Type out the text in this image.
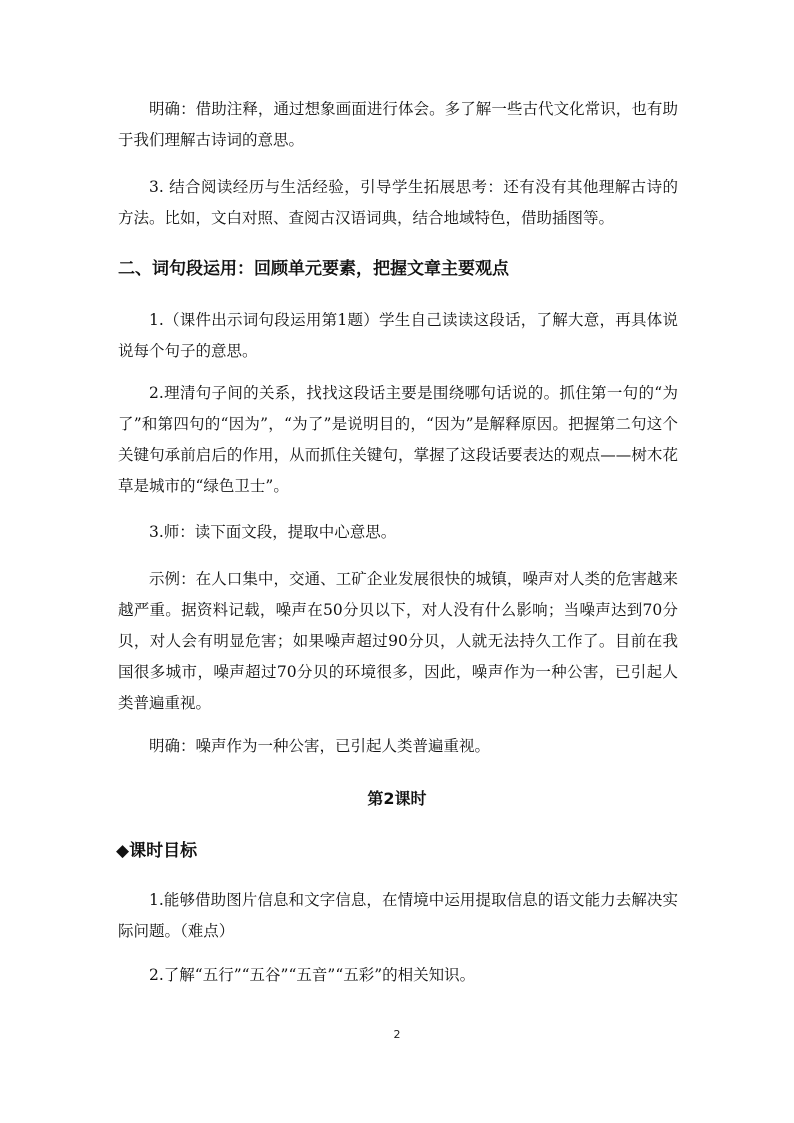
明确：借助注释，通过想象画面进行体会。多了解一些古代文化常识，也有助于我们理解古诗词的意思。

3. 结合阅读经历与生活经验，引导学生拓展思考：还有没有其他理解古诗的方法。比如，文白对照、查阅古汉语词典，结合地域特色，借助插图等。

二、词句段运用：回顾单元要素，把握文章主要观点

1.（课件出示词句段运用第1题）学生自己读读这段话，了解大意，再具体说说每个句子的意思。

2.理清句子间的关系，找找这段话主要是围绕哪句话说的。抓住第一句的“为了”和第四句的“因为”，“为了”是说明目的，“因为”是解释原因。把握第二句这个关键句承前启后的作用，从而抓住关键句，掌握了这段话要表达的观点——树木花草是城市的“绿色卫士”。

3.师：读下面文段，提取中心意思。

示例：在人口集中，交通、工矿企业发展很快的城镇，噪声对人类的危害越来越严重。据资料记载，噪声在50分贝以下，对人没有什么影响；当噪声达到70分贝，对人会有明显危害；如果噪声超过90分贝，人就无法持久工作了。目前在我国很多城市，噪声超过70分贝的环境很多，因此，噪声作为一种公害，已引起人类普遍重视。

明确：噪声作为一种公害，已引起人类普遍重视。

第2课时
◆课时目标

1.能够借助图片信息和文字信息，在情境中运用提取信息的语文能力去解决实际问题。（难点）

2.了解“五行”“五谷”“五音”“五彩”的相关知识。

2
